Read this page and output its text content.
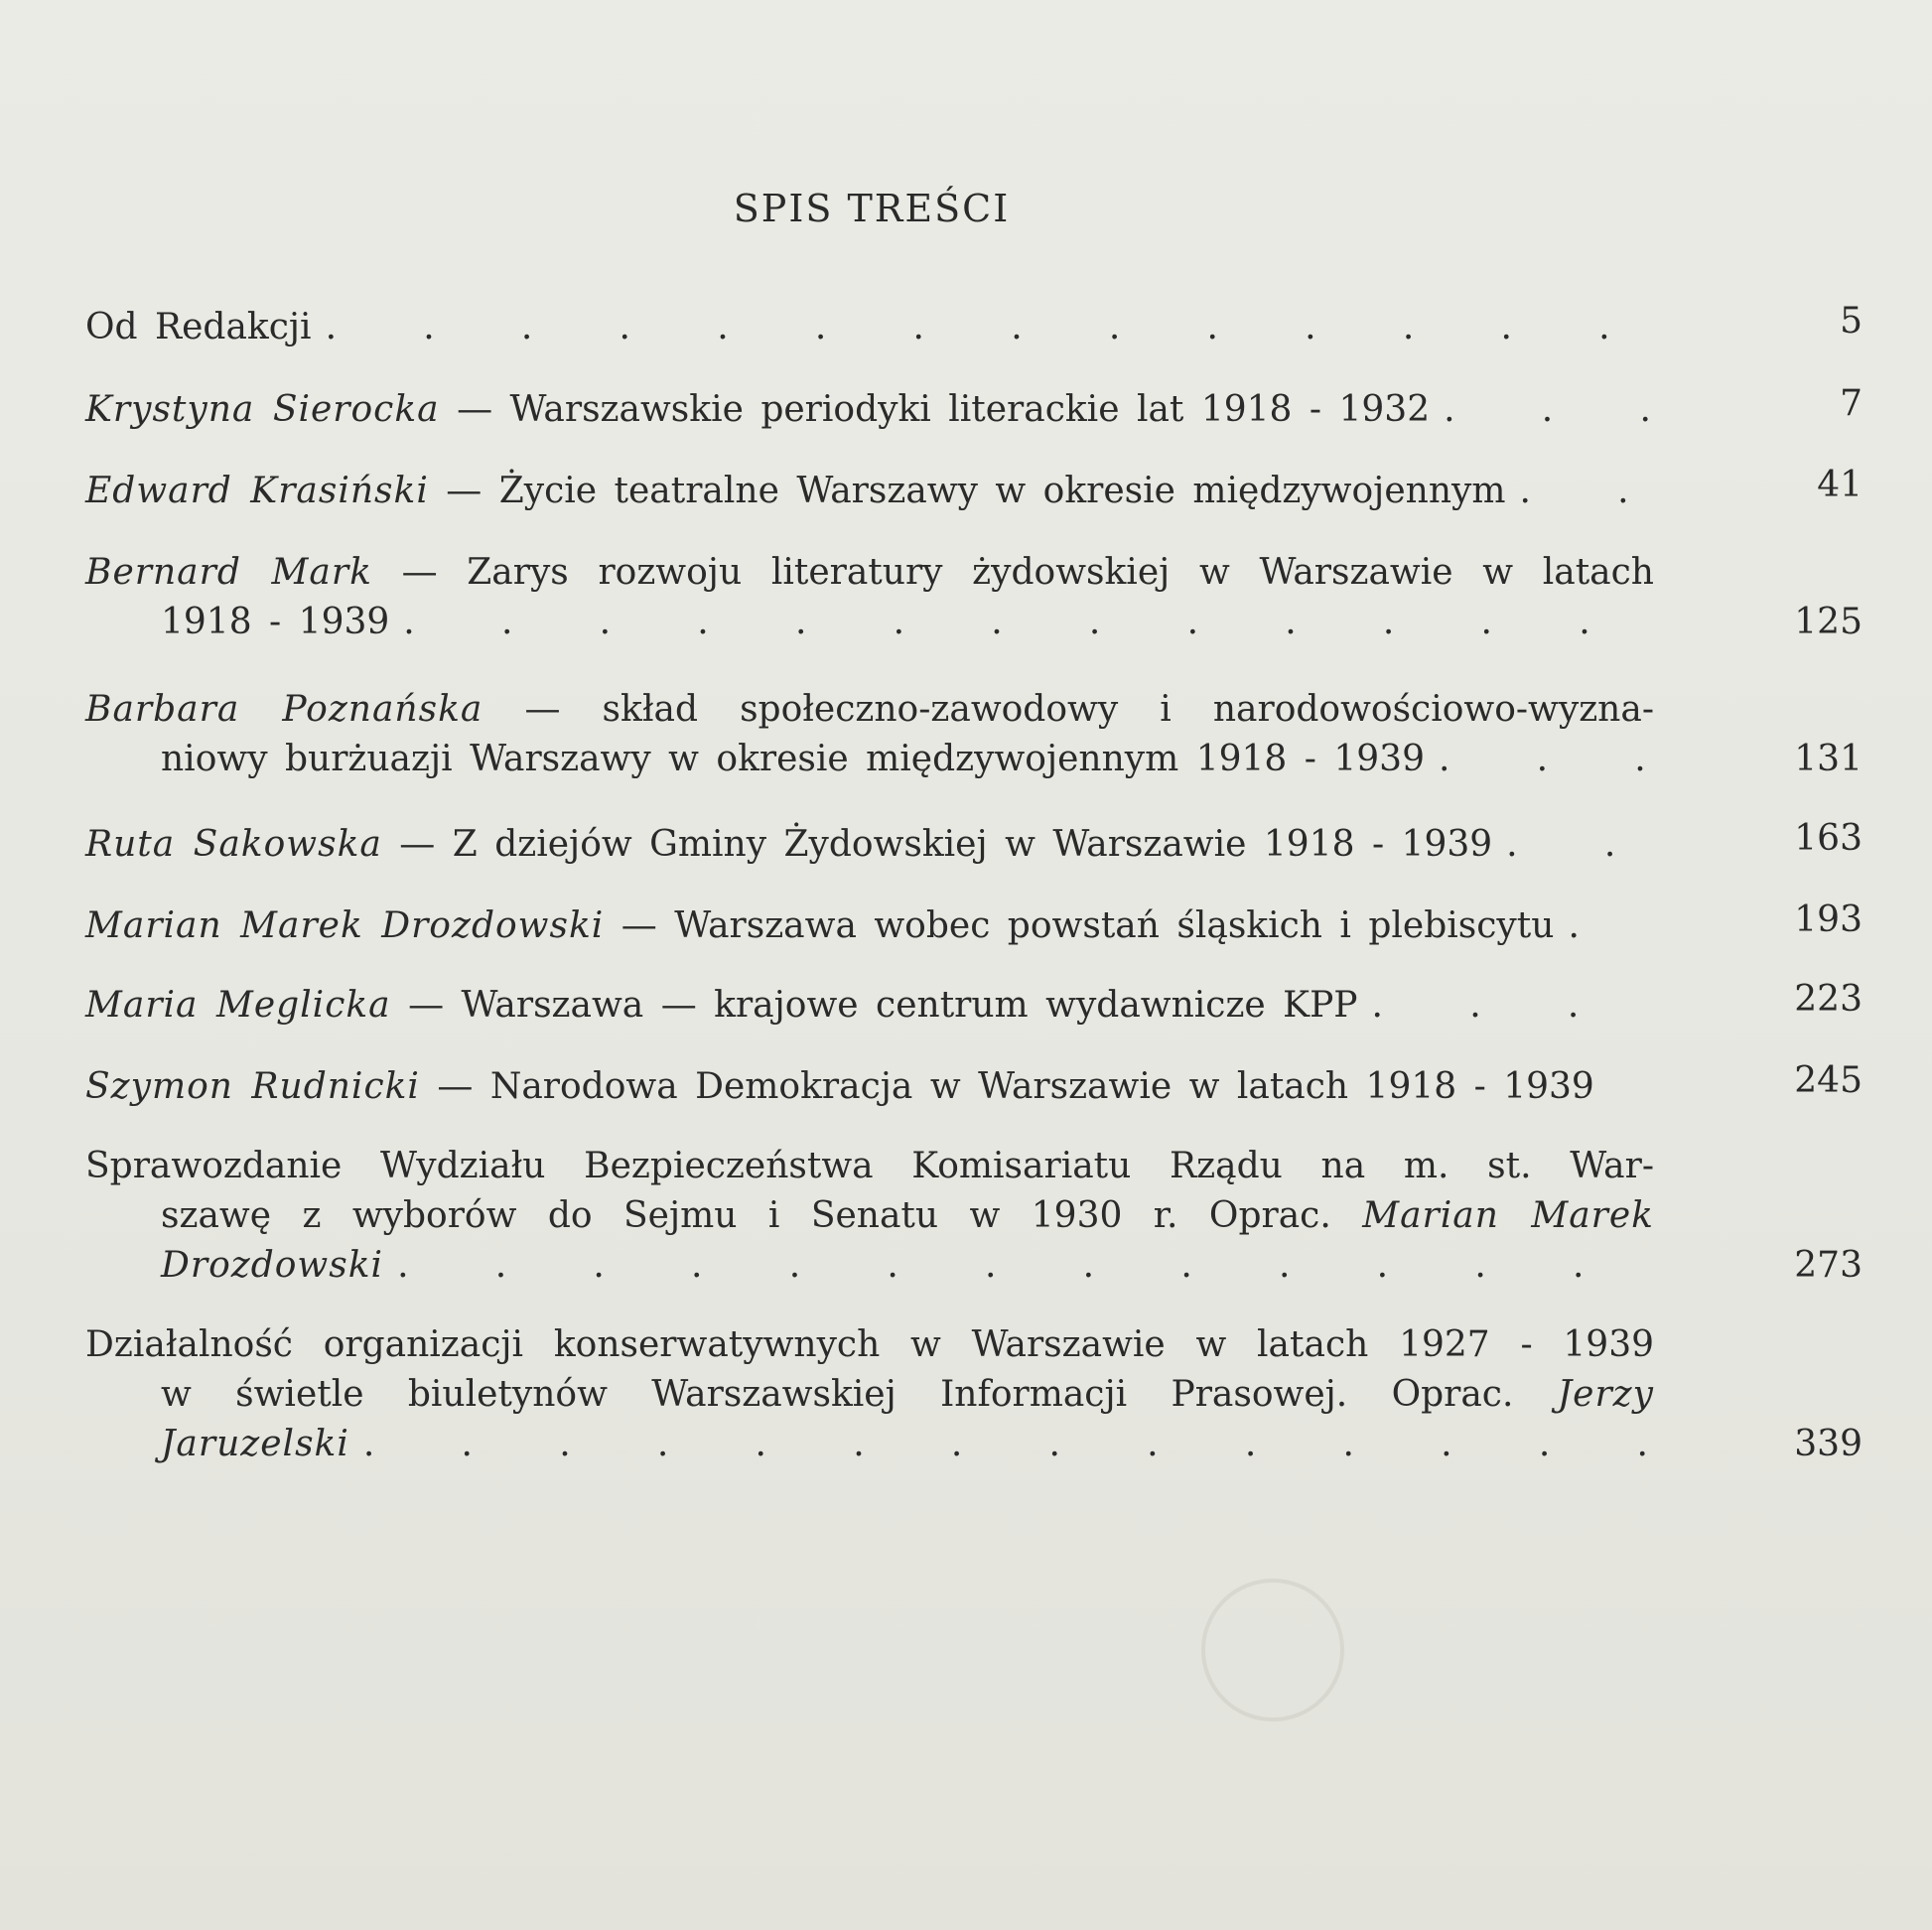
SPIS TREŚCI
Od Redakcji .	5
Krystyna Sierocka — Warszawskie periodyki literackie lat 1918 - 1932 .	7
Edward Krasiński — Życie teatralne Warszawy w okresie międzywojennym .	41
Bernard Mark — Zarys rozwoju literatury żydowskiej w Warszawie w latach
1918 - 1939 .	125
Barbara Poznańska — skład społeczno-zawodowy i narodowościowo-wyzna-
niowy burżuazji Warszawy w okresie międzywojennym 1918 - 1939 .	131
Ruta Sakowska — Z dziejów Gminy Żydowskiej w Warszawie 1918 - 1939 .	163
Marian Marek Drozdowski — Warszawa wobec powstań śląskich i plebiscytu .	193
Maria Meglicka — Warszawa — krajowe centrum wydawnicze KPP .	223
Szymon Rudnicki — Narodowa Demokracja w Warszawie w latach 1918 - 1939	245
Sprawozdanie Wydziału Bezpieczeństwa Komisariatu Rządu na m. st. War-
szawę z wyborów do Sejmu i Senatu w 1930 r. Oprac. Marian Marek
Drozdowski .	273
Działalność organizacji konserwatywnych w Warszawie w latach 1927 - 1939
w świetle biuletynów Warszawskiej Informacji Prasowej. Oprac. Jerzy
Jaruzelski .	339
